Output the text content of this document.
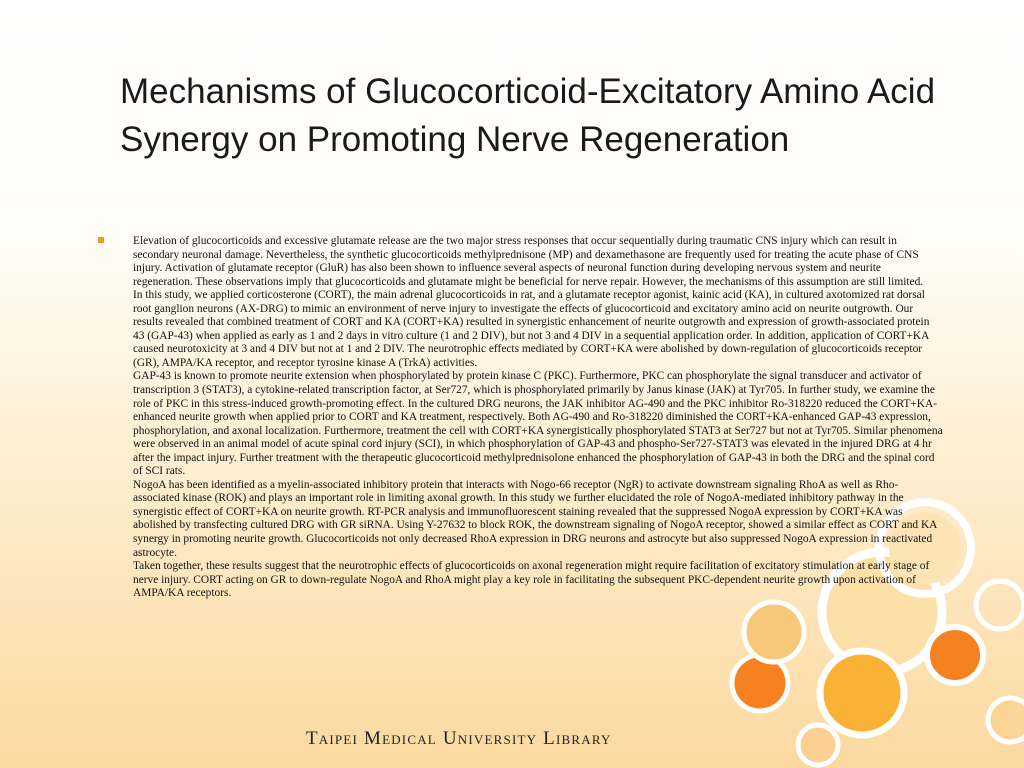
Mechanisms of Glucocorticoid-Excitatory Amino Acid Synergy on Promoting Nerve Regeneration

Elevation of glucocorticoids and excessive glutamate release are the two major stress responses that occur sequentially during traumatic CNS injury which can result in secondary neuronal damage. Nevertheless, the synthetic glucocorticoids methylprednisone (MP) and dexamethasone are frequently used for treating the acute phase of CNS injury. Activation of glutamate receptor (GluR) has also been shown to influence several aspects of neuronal function during developing nervous system and neurite regeneration. These observations imply that glucocorticoids and glutamate might be beneficial for nerve repair. However, the mechanisms of this assumption are still limited.

In this study, we applied corticosterone (CORT), the main adrenal glucocorticoids in rat, and a glutamate receptor agonist, kainic acid (KA), in cultured axotomized rat dorsal root ganglion neurons (AX-DRG) to mimic an environment of nerve injury to investigate the effects of glucocorticoid and excitatory amino acid on neurite outgrowth. Our results revealed that combined treatment of CORT and KA (CORT+KA) resulted in synergistic enhancement of neurite outgrowth and expression of growth-associated protein 43 (GAP-43) when applied as early as 1 and 2 days in vitro culture (1 and 2 DIV), but not 3 and 4 DIV in a sequential application order. In addition, application of CORT+KA caused neurotoxicity at 3 and 4 DIV but not at 1 and 2 DIV. The neurotrophic effects mediated by CORT+KA were abolished by down-regulation of glucocorticoids receptor (GR), AMPA/KA receptor, and receptor tyrosine kinase A (TrkA) activities.

GAP-43 is known to promote neurite extension when phosphorylated by protein kinase C (PKC). Furthermore, PKC can phosphorylate the signal transducer and activator of transcription 3 (STAT3), a cytokine-related transcription factor, at Ser727, which is phosphorylated primarily by Janus kinase (JAK) at Tyr705. In further study, we examine the role of PKC in this stress-induced growth-promoting effect. In the cultured DRG neurons, the JAK inhibitor AG-490 and the PKC inhibitor Ro-318220 reduced the CORT+KA-enhanced neurite growth when applied prior to CORT and KA treatment, respectively. Both AG-490 and Ro-318220 diminished the CORT+KA-enhanced GAP-43 expression, phosphorylation, and axonal localization. Furthermore, treatment the cell with CORT+KA synergistically phosphorylated STAT3 at Ser727 but not at Tyr705. Similar phenomena were observed in an animal model of acute spinal cord injury (SCI), in which phosphorylation of GAP-43 and phospho-Ser727-STAT3 was elevated in the injured DRG at 4 hr after the impact injury. Further treatment with the therapeutic glucocorticoid methylprednisolone enhanced the phosphorylation of GAP-43 in both the DRG and the spinal cord of SCI rats.

NogoA has been identified as a myelin-associated inhibitory protein that interacts with Nogo-66 receptor (NgR) to activate downstream signaling RhoA as well as Rho-associated kinase (ROK) and plays an important role in limiting axonal growth. In this study we further elucidated the role of NogoA-mediated inhibitory pathway in the synergistic effect of CORT+KA on neurite growth. RT-PCR analysis and immunofluorescent staining revealed that the suppressed NogoA expression by CORT+KA was abolished by transfecting cultured DRG with GR siRNA. Using Y-27632 to block ROK, the downstream signaling of NogoA receptor, showed a similar effect as CORT and KA synergy in promoting neurite growth. Glucocorticoids not only decreased RhoA expression in DRG neurons and astrocyte but also suppressed NogoA expression in reactivated astrocyte.

Taken together, these results suggest that the neurotrophic effects of glucocorticoids on axonal regeneration might require facilitation of excitatory stimulation at early stage of nerve injury. CORT acting on GR to down-regulate NogoA and RhoA might play a key role in facilitating the subsequent PKC-dependent neurite growth upon activation of AMPA/KA receptors.

Taipei Medical University Library
